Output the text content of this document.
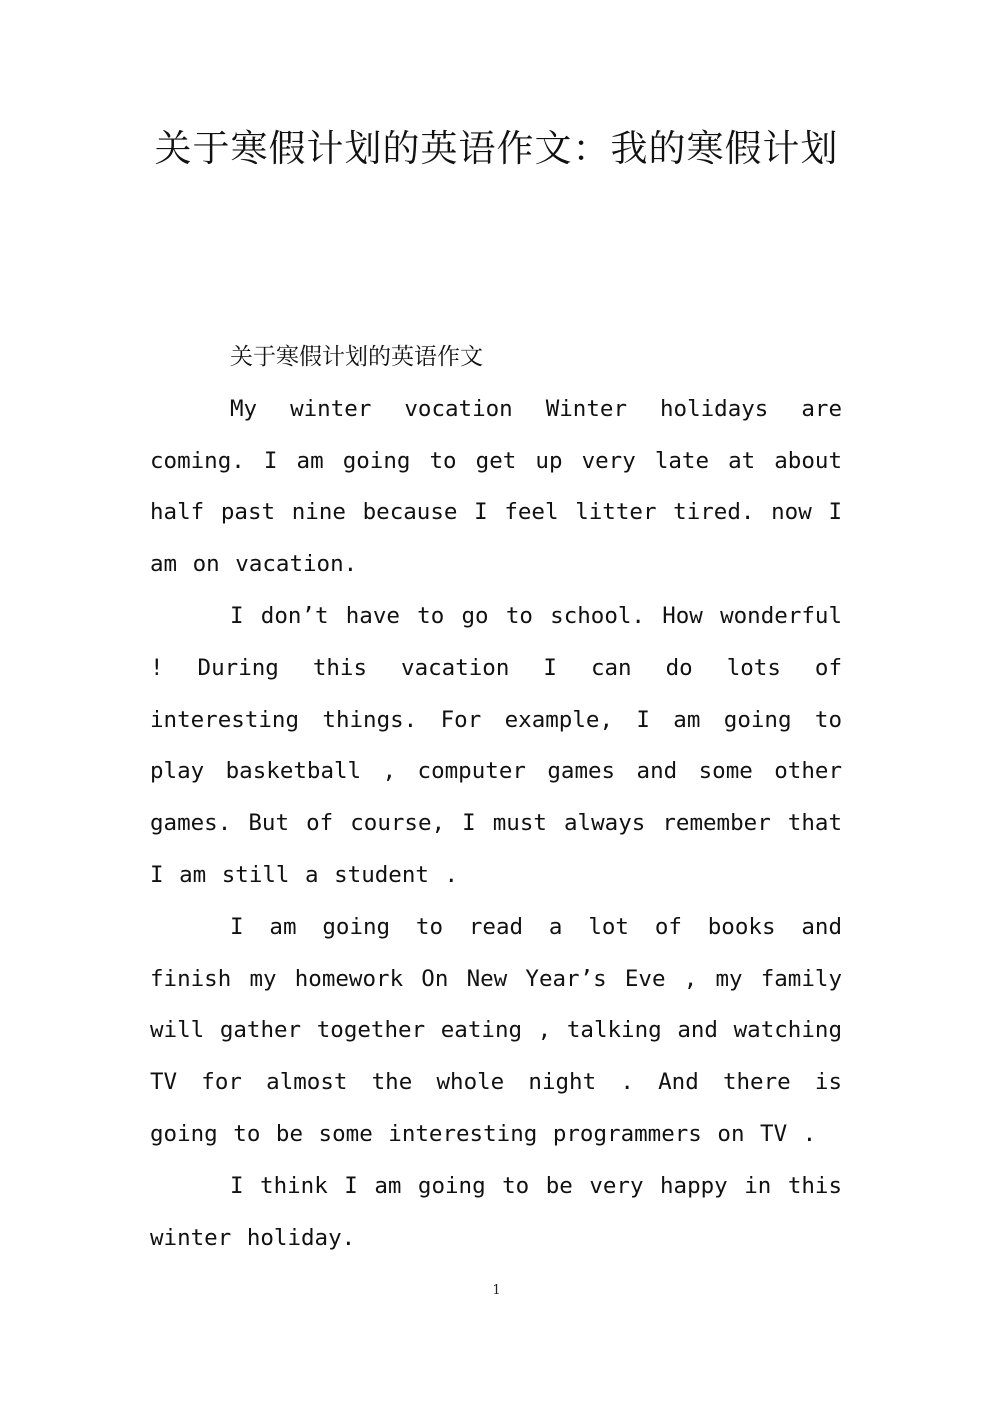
关于寒假计划的英语作文：我的寒假计划

关于寒假计划的英语作文

My winter vocation Winter holidays are coming. I am going to get up very late at about half past nine because I feel litter tired. now I am on vacation.

I don’t have to go to school. How wonderful ! During this vacation I can do lots of interesting things. For example, I am going to play basketball , computer games and some other games. But of course, I must always remember that I am still a student .

I am going to read a lot of books and finish my homework On New Year’s Eve , my family will gather together eating , talking and watching TV for almost the whole night . And there is going to be some interesting programmers on TV .

I think I am going to be very happy in this winter holiday.

1
